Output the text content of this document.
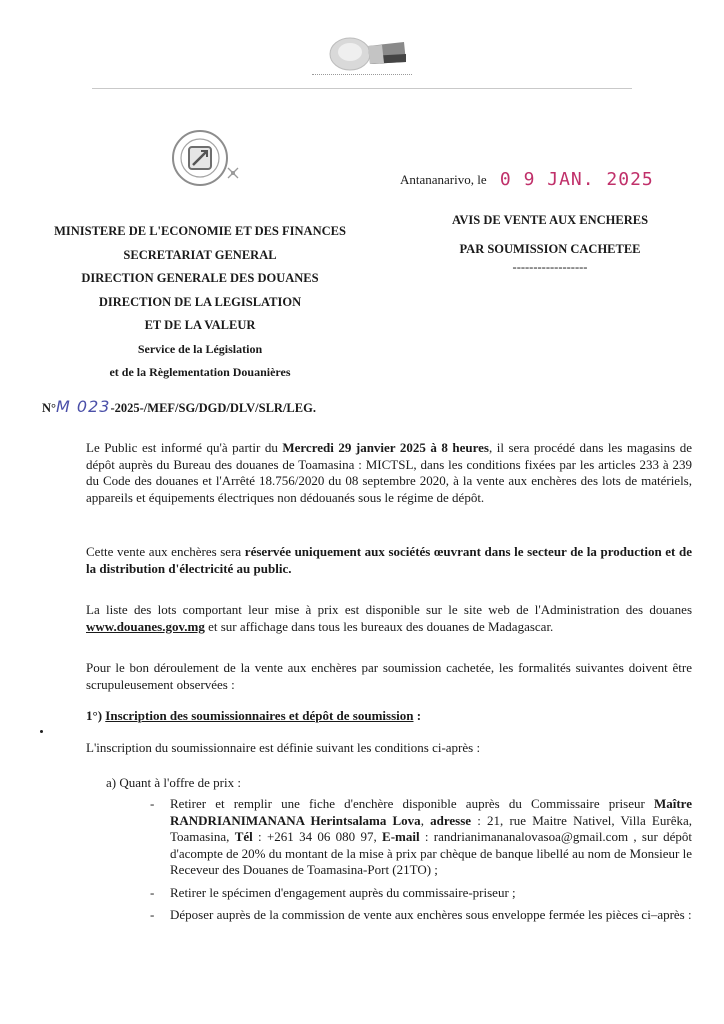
Antananarivo, le 0 9 JAN. 2025
MINISTERE DE L'ECONOMIE ET DES FINANCES
SECRETARIAT GENERAL
DIRECTION GENERALE DES DOUANES
DIRECTION DE LA LEGISLATION
ET DE LA VALEUR
Service de la Législation
et de la Règlementation Douanières
AVIS DE VENTE AUX ENCHERES
PAR SOUMISSION CACHETEE
------------------
N°M 023-2025-/MEF/SG/DGD/DLV/SLR/LEG.
Le Public est informé qu'à partir du Mercredi 29 janvier 2025 à 8 heures, il sera procédé dans les magasins de dépôt auprès du Bureau des douanes de Toamasina : MICTSL, dans les conditions fixées par les articles 233 à 239 du Code des douanes et l'Arrêté 18.756/2020 du 08 septembre 2020, à la vente aux enchères des lots de matériels, appareils et équipements électriques non dédouanés sous le régime de dépôt.
Cette vente aux enchères sera réservée uniquement aux sociétés œuvrant dans le secteur de la production et de la distribution d'électricité au public.
La liste des lots comportant leur mise à prix est disponible sur le site web de l'Administration des douanes www.douanes.gov.mg et sur affichage dans tous les bureaux des douanes de Madagascar.
Pour le bon déroulement de la vente aux enchères par soumission cachetée, les formalités suivantes doivent être scrupuleusement observées :
1°) Inscription des soumissionnaires et dépôt de soumission :
L'inscription du soumissionnaire est définie suivant les conditions ci-après :
a) Quant à l'offre de prix :
- Retirer et remplir une fiche d'enchère disponible auprès du Commissaire priseur Maître RANDRIANIMANANA Herintsalama Lova, adresse : 21, rue Maitre Nativel, Villa Eurêka, Toamasina, Tél : +261 34 06 080 97, E-mail : randrianimananalovasoa@gmail.com , sur dépôt d'acompte de 20% du montant de la mise à prix par chèque de banque libellé au nom de Monsieur le Receveur des Douanes de Toamasina-Port (21TO) ;
- Retirer le spécimen d'engagement auprès du commissaire-priseur ;
- Déposer auprès de la commission de vente aux enchères sous enveloppe fermée les pièces ci–après :
